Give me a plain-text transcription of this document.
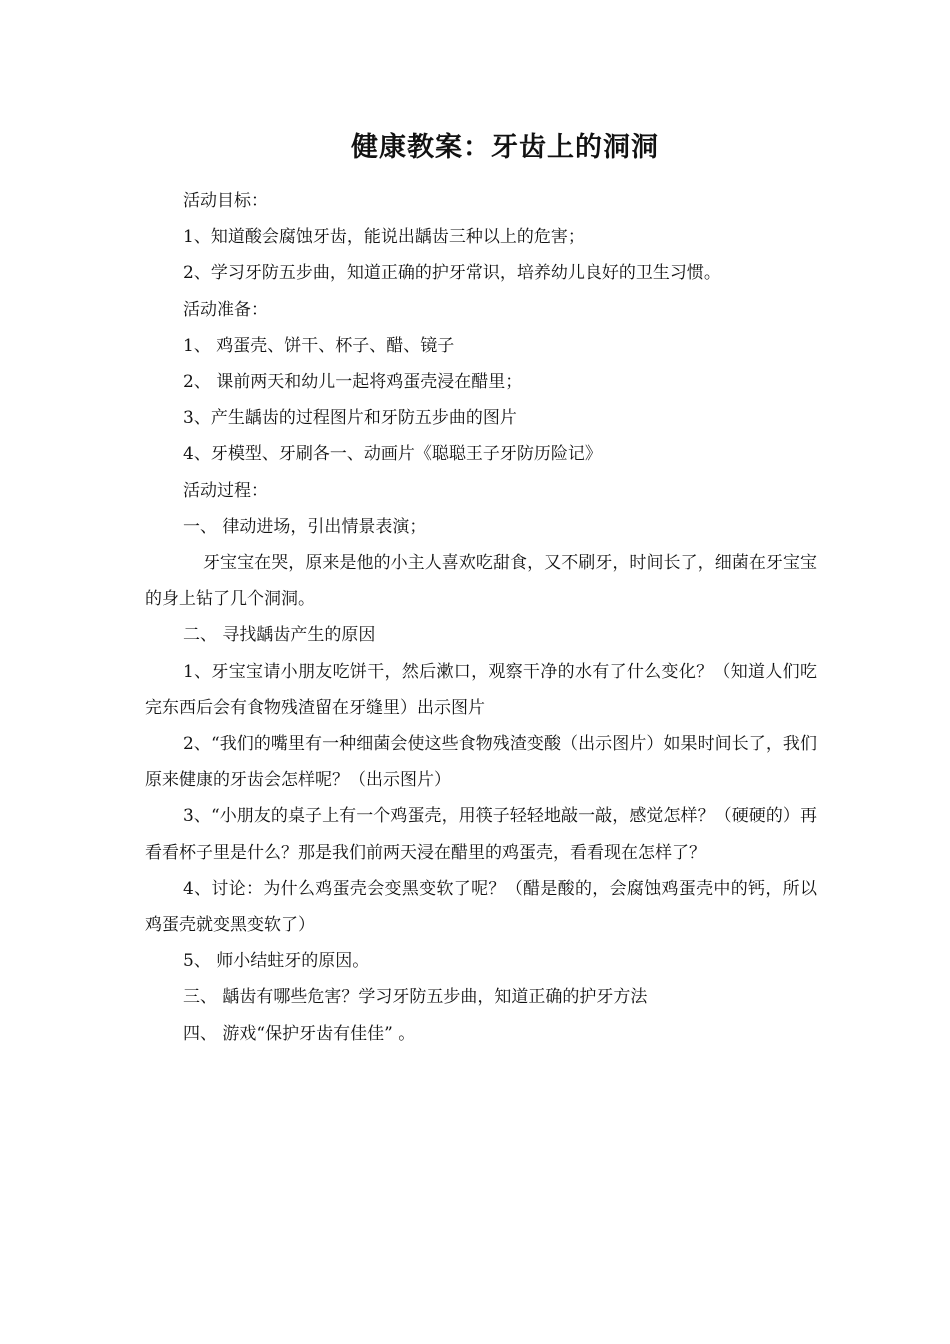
健康教案：牙齿上的洞洞

活动目标：

1、知道酸会腐蚀牙齿，能说出龋齿三种以上的危害；

2、学习牙防五步曲，知道正确的护牙常识，培养幼儿良好的卫生习惯。

活动准备：

1、 鸡蛋壳、饼干、杯子、醋、镜子

2、 课前两天和幼儿一起将鸡蛋壳浸在醋里；

3、产生龋齿的过程图片和牙防五步曲的图片

4、牙模型、牙刷各一、动画片《聪聪王子牙防历险记》

活动过程：

一、 律动进场，引出情景表演；

牙宝宝在哭，原来是他的小主人喜欢吃甜食，又不刷牙，时间长了，细菌在牙宝宝的身上钻了几个洞洞。

二、 寻找龋齿产生的原因

1、牙宝宝请小朋友吃饼干，然后漱口，观察干净的水有了什么变化？（知道人们吃完东西后会有食物残渣留在牙缝里）出示图片

2、“我们的嘴里有一种细菌会使这些食物残渣变酸（出示图片）如果时间长了，我们原来健康的牙齿会怎样呢？（出示图片）

3、“小朋友的桌子上有一个鸡蛋壳，用筷子轻轻地敲一敲，感觉怎样？（硬硬的）再看看杯子里是什么？那是我们前两天浸在醋里的鸡蛋壳，看看现在怎样了？

4、讨论：为什么鸡蛋壳会变黑变软了呢？（醋是酸的，会腐蚀鸡蛋壳中的钙，所以鸡蛋壳就变黑变软了）

5、 师小结蛀牙的原因。

三、 龋齿有哪些危害？学习牙防五步曲，知道正确的护牙方法

四、 游戏“保护牙齿有佳佳” 。
